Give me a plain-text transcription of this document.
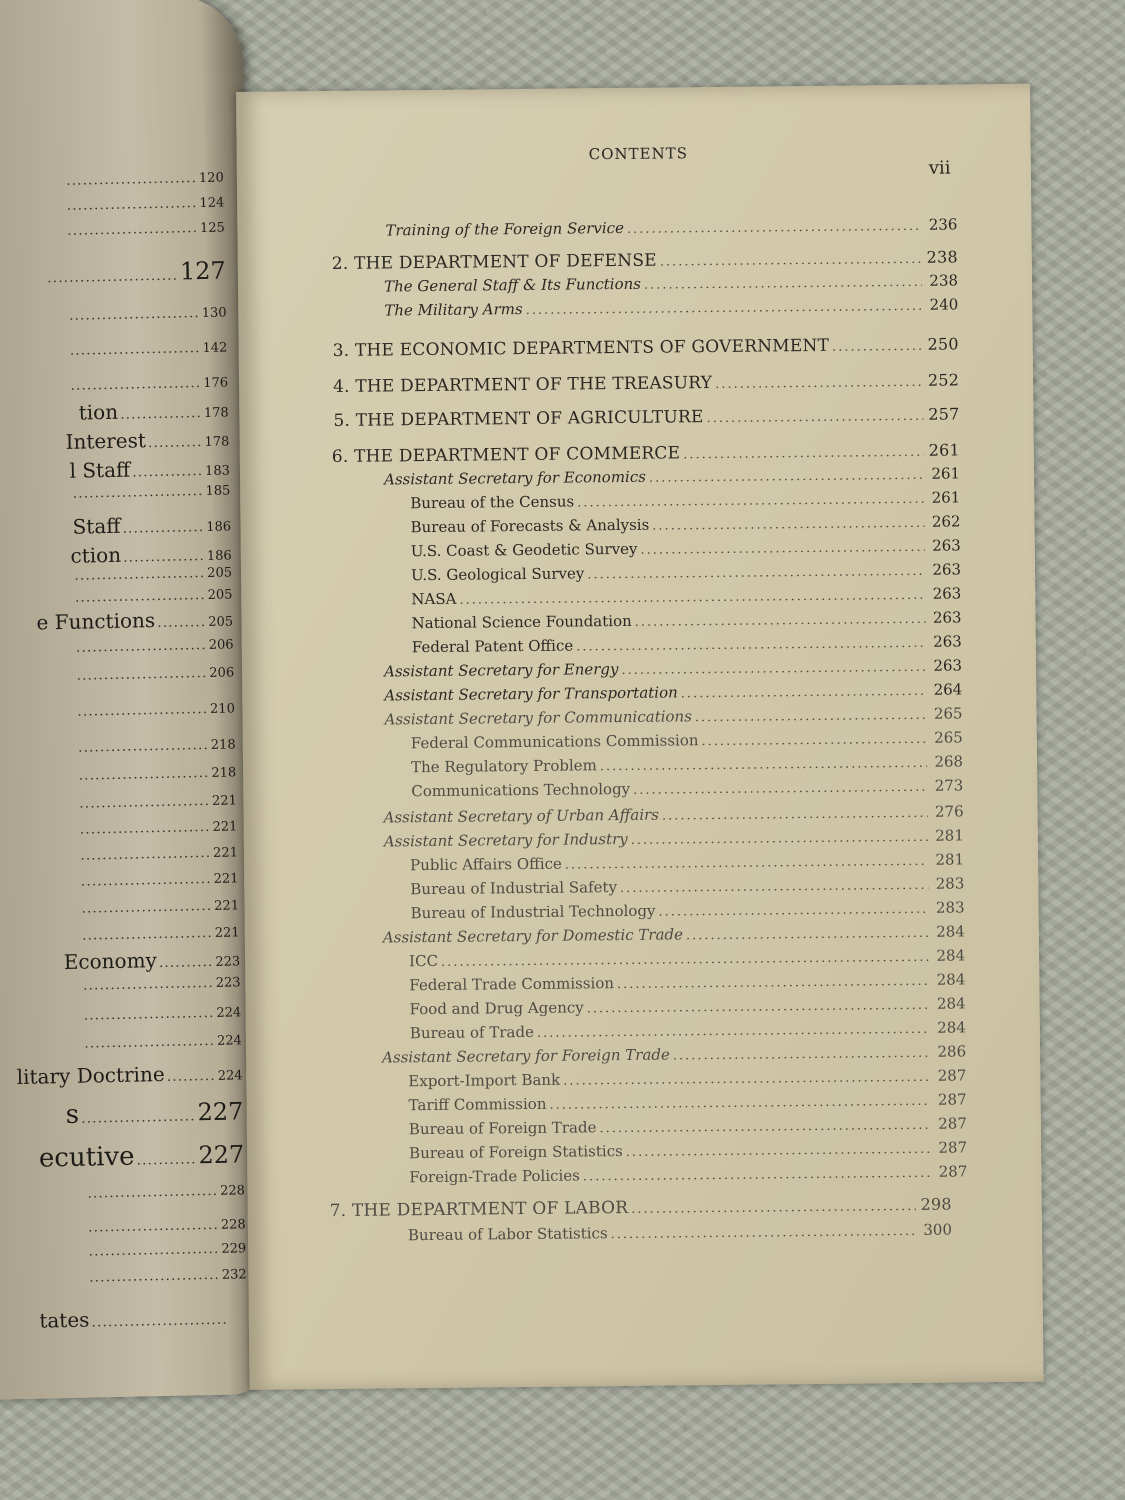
........................ 120
........................ 124
........................ 125
........................ 127
........................ 130
........................ 142
........................ 176
tion ............... 178
Interest .......... 178
l Staff ............. 183
........................ 185
Staff ............... 186
ction ............... 186
........................ 205
........................ 205
e Functions ......... 205
........................ 206
........................ 206
........................ 210
........................ 218
........................ 218
........................ 221
........................ 221
........................ 221
........................ 221
........................ 221
........................ 221
Economy .......... 223
........................ 223
........................ 224
........................ 224
litary Doctrine ......... 224
s ..................... 227
ecutive ........... 227
........................ 228
........................ 228
........................ 229
........................ 232
tates .........................
CONTENTS
vii
Training of the Foreign Service .....	236
2. THE DEPARTMENT OF DEFENSE .....	238
The General Staff & Its Functions .....	238
The Military Arms .....	240
3. THE ECONOMIC DEPARTMENTS OF GOVERNMENT .....	250
4. THE DEPARTMENT OF THE TREASURY .....	252
5. THE DEPARTMENT OF AGRICULTURE .....	257
6. THE DEPARTMENT OF COMMERCE .....	261
Assistant Secretary for Economics .....	261
Bureau of the Census .....	261
Bureau of Forecasts & Analysis .....	262
U.S. Coast & Geodetic Survey .....	263
U.S. Geological Survey .....	263
NASA .....	263
National Science Foundation .....	263
Federal Patent Office .....	263
Assistant Secretary for Energy .....	263
Assistant Secretary for Transportation .....	264
Assistant Secretary for Communications .....	265
Federal Communications Commission .....	265
The Regulatory Problem .....	268
Communications Technology .....	273
Assistant Secretary of Urban Affairs .....	276
Assistant Secretary for Industry .....	281
Public Affairs Office .....	281
Bureau of Industrial Safety .....	283
Bureau of Industrial Technology .....	283
Assistant Secretary for Domestic Trade .....	284
ICC .....	284
Federal Trade Commission .....	284
Food and Drug Agency .....	284
Bureau of Trade .....	284
Assistant Secretary for Foreign Trade .....	286
Export-Import Bank .....	287
Tariff Commission .....	287
Bureau of Foreign Trade .....	287
Bureau of Foreign Statistics .....	287
Foreign-Trade Policies .....	287
7. THE DEPARTMENT OF LABOR .....	298
Bureau of Labor Statistics .....	300
